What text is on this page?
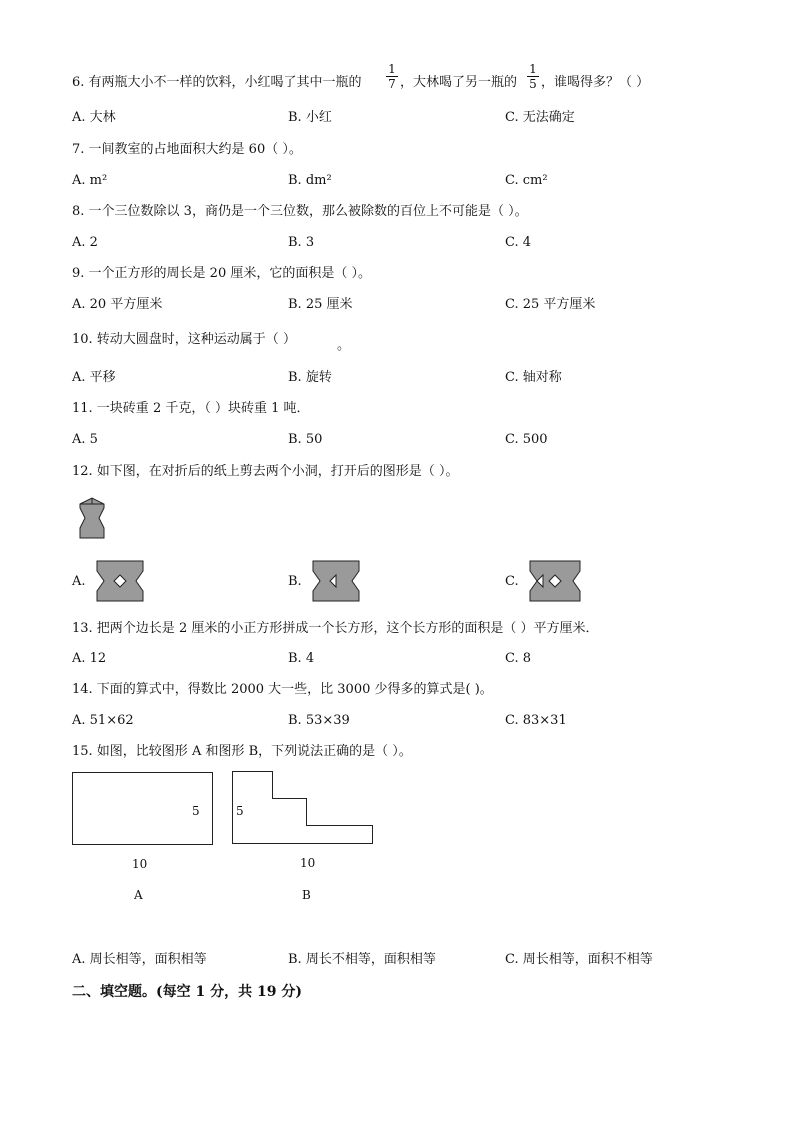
6. 有两瓶大小不一样的饮料，小红喝了其中一瓶的
1
7 ，大林喝了另一瓶的
1
5 ，谁喝得多？（ ）
A. 大林	B. 小红	C. 无法确定
7. 一间教室的占地面积大约是 60（ ）。
A. m²	B. dm²	C. cm²
8. 一个三位数除以 3，商仍是一个三位数，那么被除数的百位上不可能是（ ）。
A. 2	B. 3	C. 4
9. 一个正方形的周长是 20 厘米，它的面积是（ ）。
A. 20 平方厘米	B. 25 厘米	C. 25 平方厘米
10. 转动大圆盘时，这种运动属于（ ）	。
A. 平移	B. 旋转	C. 轴对称
11. 一块砖重 2 千克，（ ）块砖重 1 吨．
A. 5	B. 50	C. 500
12. 如下图，在对折后的纸上剪去两个小洞，打开后的图形是（ ）。
A.	B.	C.
13. 把两个边长是 2 厘米的小正方形拼成一个长方形，这个长方形的面积是（ ）平方厘米．
A. 12	B. 4	C. 8
14. 下面的算式中，得数比 2000 大一些，比 3000 少得多的算式是( )。
A. 51×62	B. 53×39	C. 83×31
15. 如图，比较图形 A 和图形 B，下列说法正确的是（ ）。
5
10
A
5
10
B
A. 周长相等，面积相等	B. 周长不相等，面积相等	C. 周长相等，面积不相等
二、填空题。(每空 1 分，共 19 分)
